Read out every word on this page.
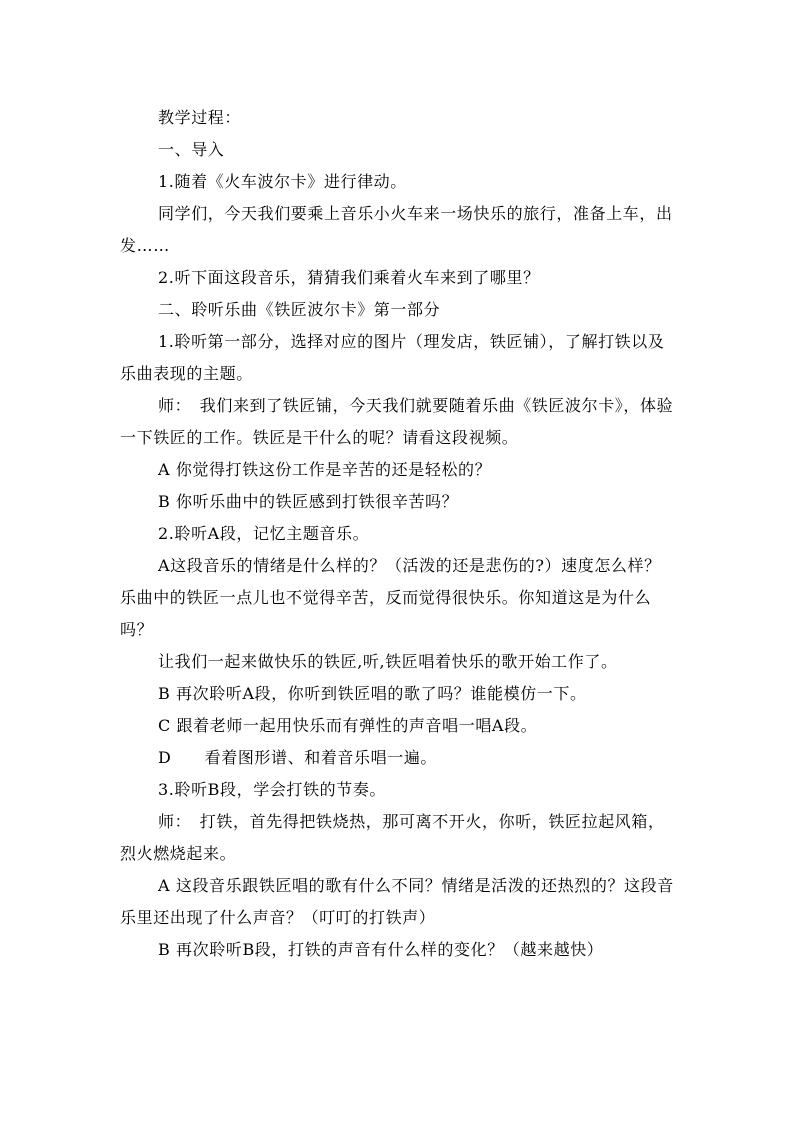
教学过程：

一、导入

1.随着《火车波尔卡》进行律动。

同学们，今天我们要乘上音乐小火车来一场快乐的旅行，准备上车，出发……

2.听下面这段音乐，猜猜我们乘着火车来到了哪里？

二、聆听乐曲《铁匠波尔卡》第一部分

1.聆听第一部分，选择对应的图片（理发店，铁匠铺），了解打铁以及乐曲表现的主题。

师：　我们来到了铁匠铺，今天我们就要随着乐曲《铁匠波尔卡》，体验一下铁匠的工作。铁匠是干什么的呢？请看这段视频。

A 你觉得打铁这份工作是辛苦的还是轻松的？

B 你听乐曲中的铁匠感到打铁很辛苦吗？

2.聆听A段，记忆主题音乐。

A这段音乐的情绪是什么样的？（活泼的还是悲伤的?）速度怎么样？　乐曲中的铁匠一点儿也不觉得辛苦，反而觉得很快乐。你知道这是为什么吗？

让我们一起来做快乐的铁匠,听,铁匠唱着快乐的歌开始工作了。

B 再次聆听A段，你听到铁匠唱的歌了吗？谁能模仿一下。

C 跟着老师一起用快乐而有弹性的声音唱一唱A段。

D　　看着图形谱、和着音乐唱一遍。

3.聆听B段，学会打铁的节奏。

师：　打铁，首先得把铁烧热，那可离不开火，你听，铁匠拉起风箱，烈火燃烧起来。

A 这段音乐跟铁匠唱的歌有什么不同？情绪是活泼的还热烈的？这段音乐里还出现了什么声音？（叮叮的打铁声）

B 再次聆听B段，打铁的声音有什么样的变化？（越来越快）
